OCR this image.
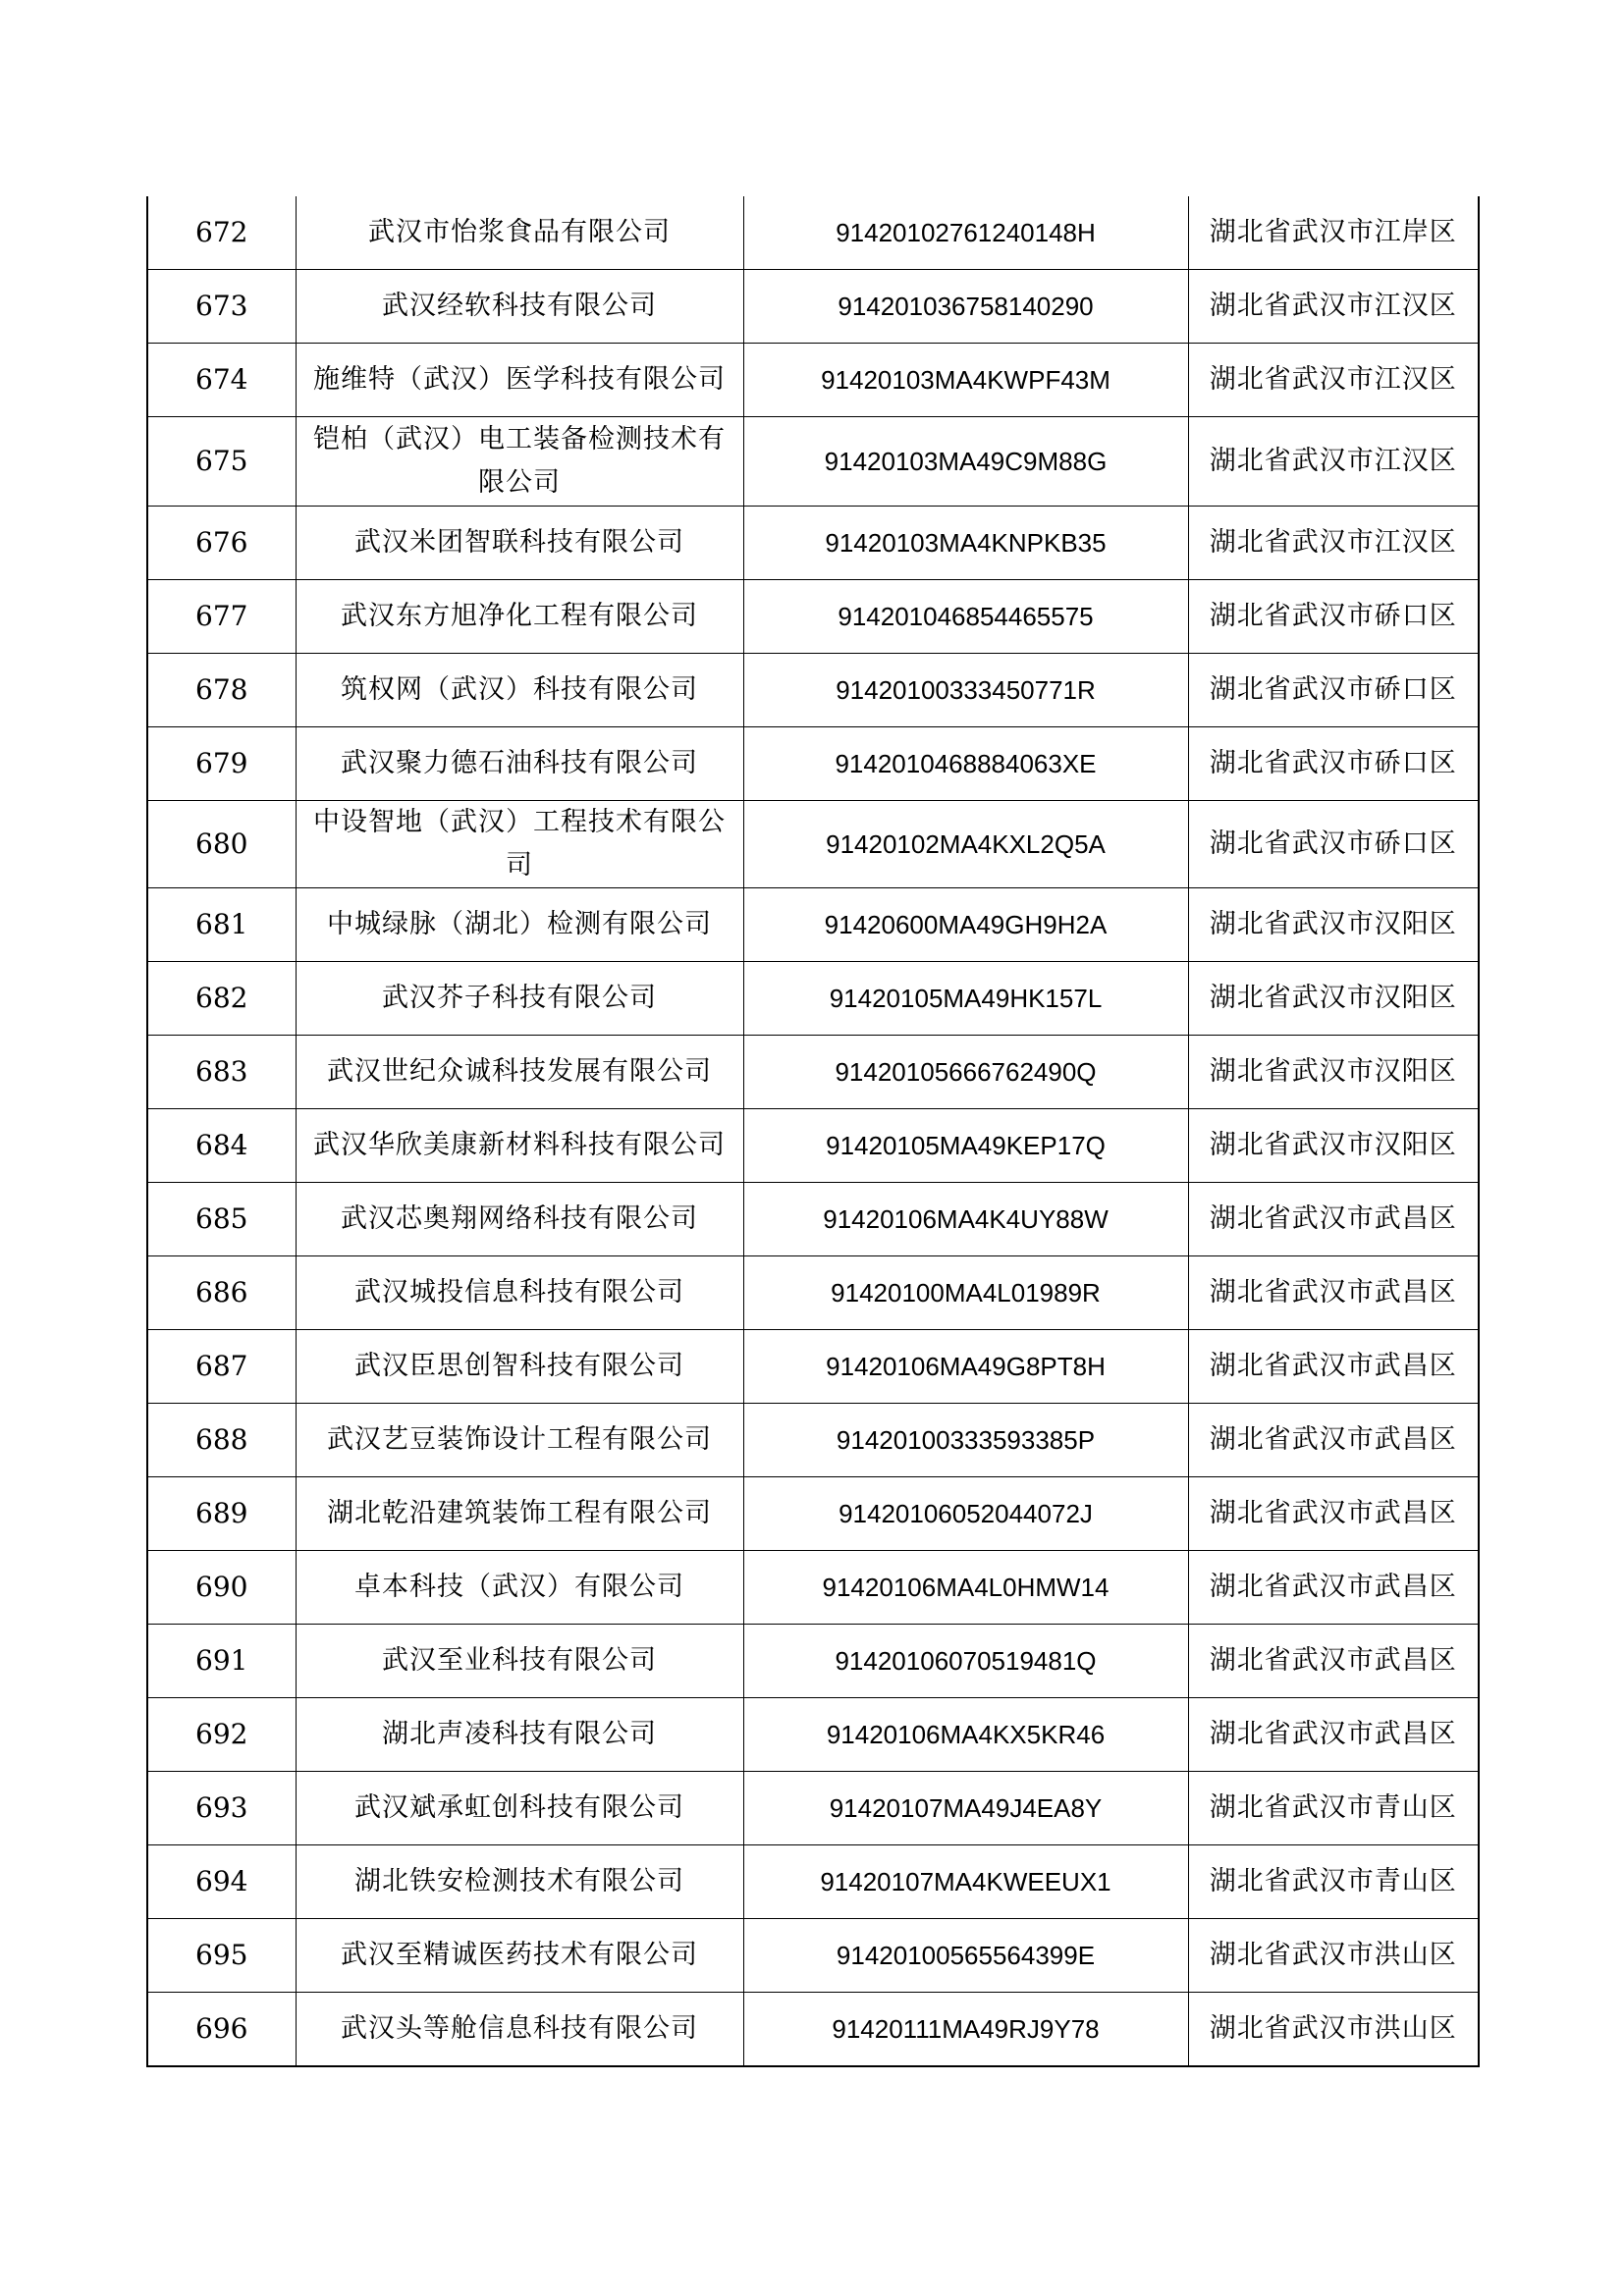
672	武汉市怡浆食品有限公司	91420102761240148H	湖北省武汉市江岸区
673	武汉经软科技有限公司	914201036758140290	湖北省武汉市江汉区
674	施维特（武汉）医学科技有限公司	91420103MA4KWPF43M	湖北省武汉市江汉区
675	铠柏（武汉）电工装备检测技术有限公司	91420103MA49C9M88G	湖北省武汉市江汉区
676	武汉米团智联科技有限公司	91420103MA4KNPKB35	湖北省武汉市江汉区
677	武汉东方旭净化工程有限公司	914201046854465575	湖北省武汉市硚口区
678	筑权网（武汉）科技有限公司	91420100333450771R	湖北省武汉市硚口区
679	武汉聚力德石油科技有限公司	9142010468884063XE	湖北省武汉市硚口区
680	中设智地（武汉）工程技术有限公司	91420102MA4KXL2Q5A	湖北省武汉市硚口区
681	中城绿脉（湖北）检测有限公司	91420600MA49GH9H2A	湖北省武汉市汉阳区
682	武汉芥子科技有限公司	91420105MA49HK157L	湖北省武汉市汉阳区
683	武汉世纪众诚科技发展有限公司	91420105666762490Q	湖北省武汉市汉阳区
684	武汉华欣美康新材料科技有限公司	91420105MA49KEP17Q	湖北省武汉市汉阳区
685	武汉芯奥翔网络科技有限公司	91420106MA4K4UY88W	湖北省武汉市武昌区
686	武汉城投信息科技有限公司	91420100MA4L01989R	湖北省武汉市武昌区
687	武汉臣思创智科技有限公司	91420106MA49G8PT8H	湖北省武汉市武昌区
688	武汉艺豆装饰设计工程有限公司	91420100333593385P	湖北省武汉市武昌区
689	湖北乾沿建筑装饰工程有限公司	91420106052044072J	湖北省武汉市武昌区
690	卓本科技（武汉）有限公司	91420106MA4L0HMW14	湖北省武汉市武昌区
691	武汉至业科技有限公司	91420106070519481Q	湖北省武汉市武昌区
692	湖北声凌科技有限公司	91420106MA4KX5KR46	湖北省武汉市武昌区
693	武汉斌承虹创科技有限公司	91420107MA49J4EA8Y	湖北省武汉市青山区
694	湖北铁安检测技术有限公司	91420107MA4KWEEUX1	湖北省武汉市青山区
695	武汉至精诚医药技术有限公司	91420100565564399E	湖北省武汉市洪山区
696	武汉头等舱信息科技有限公司	91420111MA49RJ9Y78	湖北省武汉市洪山区
